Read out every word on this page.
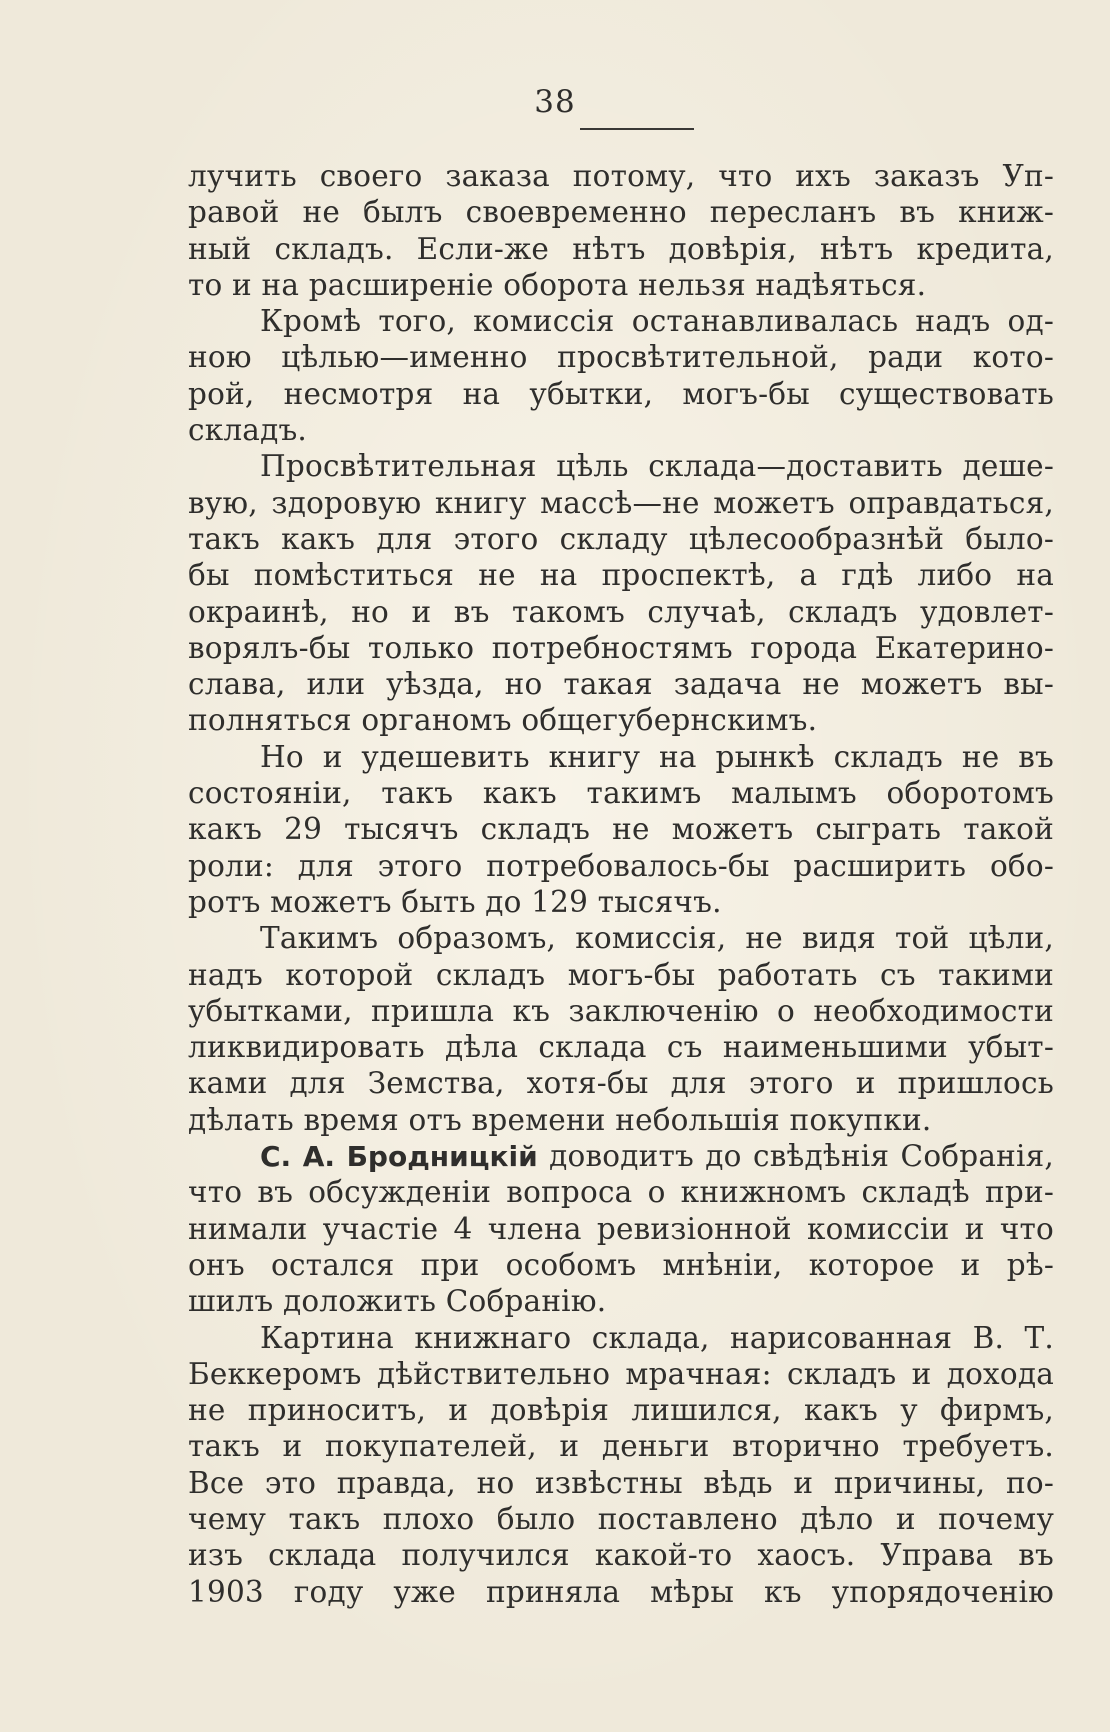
38
лучить своего заказа потому, что ихъ заказъ Уп-
равой не былъ своевременно пересланъ въ книж-
ный складъ. Если-же нѣтъ довѣрія, нѣтъ кредита,
то и на расширеніе оборота нельзя надѣяться.
Кромѣ того, комиссія останавливалась надъ од-
ною цѣлью—именно просвѣтительной, ради кото-
рой, несмотря на убытки, могъ-бы существовать
складъ.
Просвѣтительная цѣль склада—доставить деше-
вую, здоровую книгу массѣ—не можетъ оправдаться,
такъ какъ для этого складу цѣлесообразнѣй было-
бы помѣститься не на проспектѣ, а гдѣ либо на
окраинѣ, но и въ такомъ случаѣ, складъ удовлет-
ворялъ-бы только потребностямъ города Екатерино-
слава, или уѣзда, но такая задача не можетъ вы-
полняться органомъ общегубернскимъ.
Но и удешевить книгу на рынкѣ складъ не въ
состояніи, такъ какъ такимъ малымъ оборотомъ
какъ 29 тысячъ складъ не можетъ сыграть такой
роли: для этого потребовалось-бы расширить обо-
ротъ можетъ быть до 129 тысячъ.
Такимъ образомъ, комиссія, не видя той цѣли,
надъ которой складъ могъ-бы работать съ такими
убытками, пришла къ заключенію о необходимости
ликвидировать дѣла склада съ наименьшими убыт-
ками для Земства, хотя-бы для этого и пришлось
дѣлать время отъ времени небольшія покупки.
С. А. Бродницкій доводитъ до свѣдѣнія Собранія,
что въ обсужденіи вопроса о книжномъ складѣ при-
нимали участіе 4 члена ревизіонной комиссіи и что
онъ остался при особомъ мнѣніи, которое и рѣ-
шилъ доложить Собранію.
Картина книжнаго склада, нарисованная В. Т.
Беккеромъ дѣйствительно мрачная: складъ и дохода
не приноситъ, и довѣрія лишился, какъ у фирмъ,
такъ и покупателей, и деньги вторично требуетъ.
Все это правда, но извѣстны вѣдь и причины, по-
чему такъ плохо было поставлено дѣло и почему
изъ склада получился какой-то хаосъ. Управа въ
1903 году уже приняла мѣры къ упорядоченію
